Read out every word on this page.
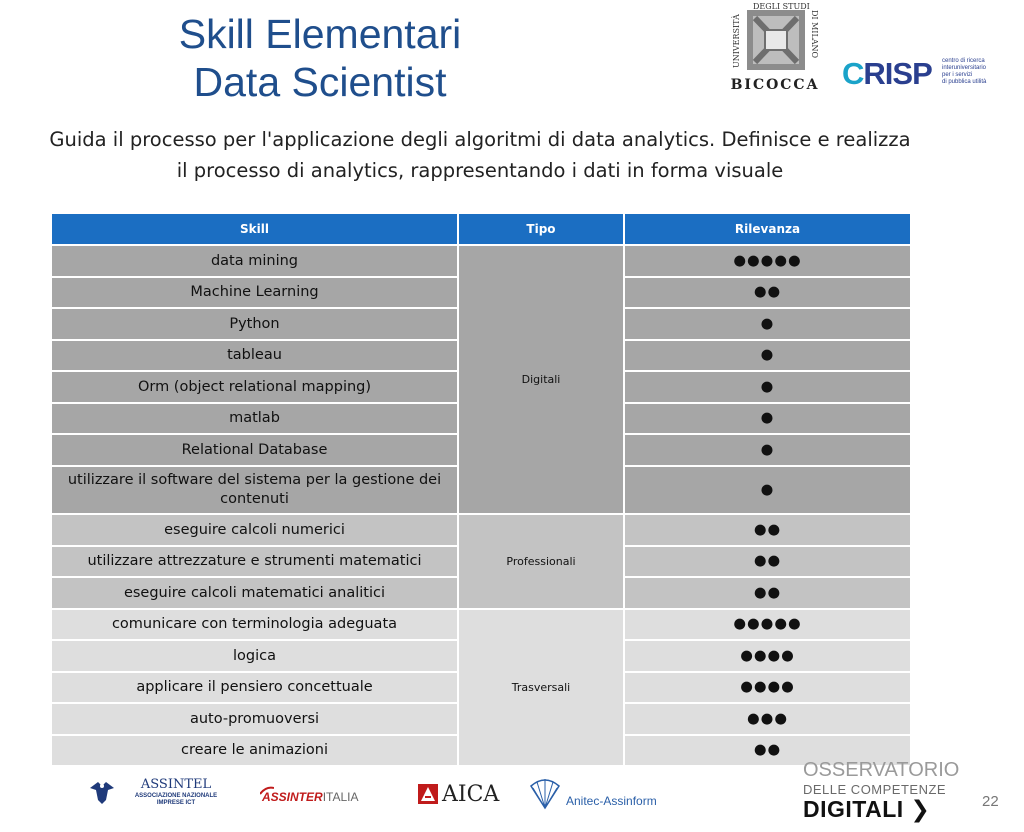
Skill Elementari
Data Scientist
UNIVERSITÀ
DEGLI STUDI
DI MILANO
BICOCCA CRISP centro di ricerca
interuniversitario
per i servizi
di pubblica utilità
Guida il processo per l'applicazione degli algoritmi di data analytics. Definisce e realizza
il processo di analytics, rappresentando i dati in forma visuale
Skill	Tipo	Rilevanza
data mining	Digitali	●●●●●
Machine Learning		●●
Python		●
tableau		●
Orm (object relational mapping)		●
matlab		●
Relational Database		●
utilizzare il software del sistema per la gestione dei contenuti		●
eseguire calcoli numerici	Professionali	●●
utilizzare attrezzature e strumenti matematici		●●
eseguire calcoli matematici analitici		●●
comunicare con terminologia adeguata	Trasversali	●●●●●
logica		●●●●
applicare il pensiero concettuale		●●●●
auto-promuoversi		●●●
creare le animazioni		●●
ASSINTEL
ASSOCIAZIONE NAZIONALE
IMPRESE ICT	ASSINTERITALIA	AICA	Anitec-Assinform
OSSERVATORIO
DELLE COMPETENZE
DIGITALI ❯	22
